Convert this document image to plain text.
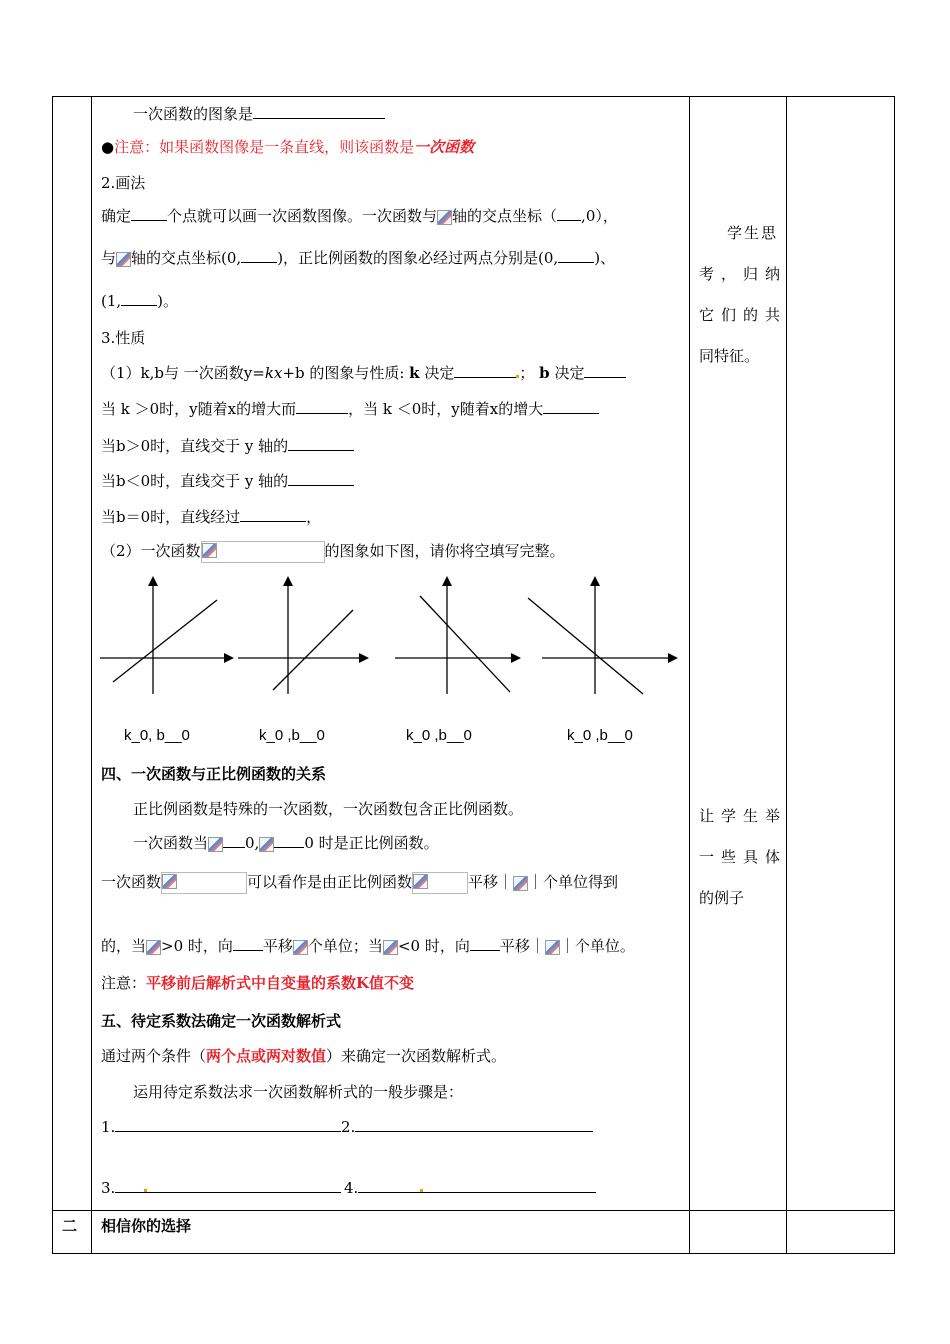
一次函数的图象是
●注意：如果函数图像是一条直线，则该函数是一次函数
2.画法
确定 个点就可以画一次函数图像。一次函数与 轴的交点坐标（ ,0），
与 轴的交点坐标(0, )，正比例函数的图象必经过两点分别是(0, )、
(1, )。
3.性质
（1）k,b与 一次函数y=kx+b 的图象与性质: k 决定	； b 决定
当 k ＞0时，y随着x的增大而	，当 k ＜0时，y随着x的增大
当b＞0时，直线交于 y 轴的
当b＜0时，直线交于 y 轴的
当b＝0时，直线经过	，
（2）一次函数	的图象如下图，请你将空填写完整。
k_0, b__0	k_0 ,b__0	k_0 ,b__0	k_0 ,b__0
四、一次函数与正比例函数的关系
正比例函数是特殊的一次函数，一次函数包含正比例函数。
一次函数当 0,	0 时是正比例函数。
一次函数	可以看作是由正比例函数	平移｜ ｜个单位得到
的，当 >0 时，向 平移 个单位；当 <0 时，向 平移｜ ｜个单位。
注意：平移前后解析式中自变量的系数K值不变
五、待定系数法确定一次函数解析式
通过两个条件（两个点或两对数值）来确定一次函数解析式。
运用待定系数法求一次函数解析式的一般步骤是：
1.	2.
3.	4.
学生思
考，归纳
它们的共
同特征。
让学生举
一些具体
的例子
二 相信你的选择
